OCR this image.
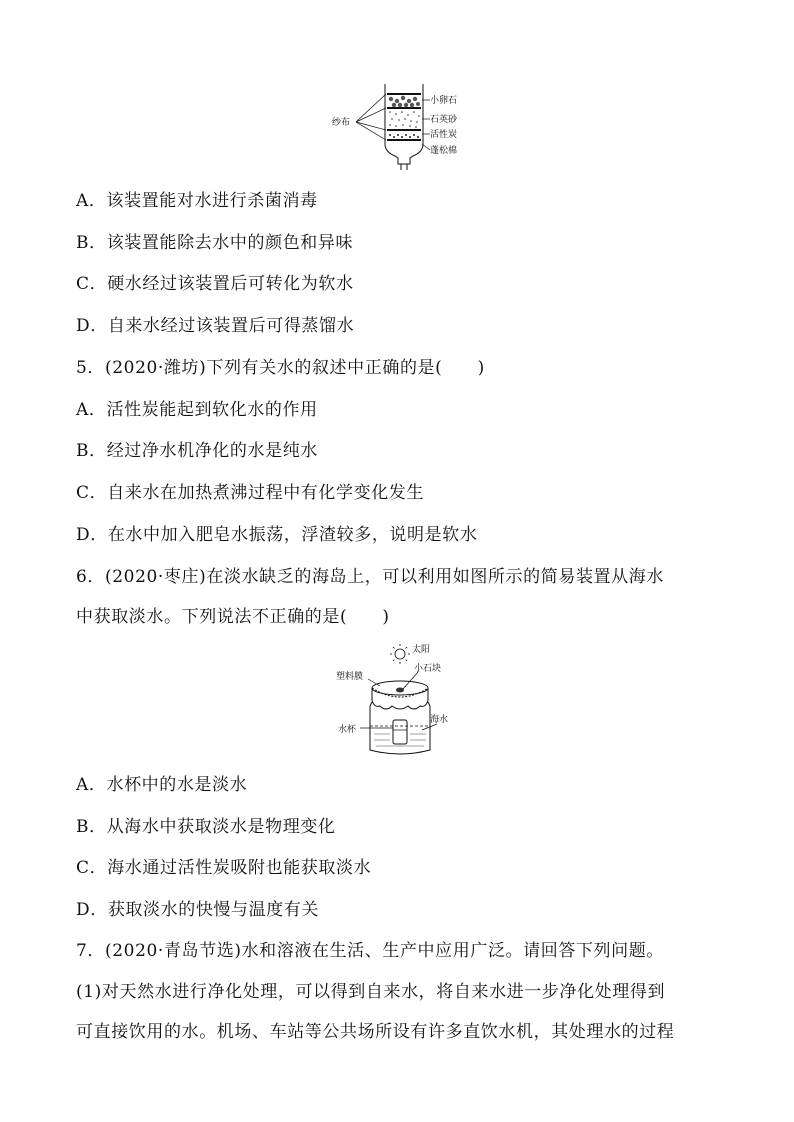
纱布
小卵石
石英砂
活性炭
蓬松棉
A．该装置能对水进行杀菌消毒
B．该装置能除去水中的颜色和异味
C．硬水经过该装置后可转化为软水
D．自来水经过该装置后可得蒸馏水
5．(2020·潍坊)下列有关水的叙述中正确的是(　　)
A．活性炭能起到软化水的作用
B．经过净水机净化的水是纯水
C．自来水在加热煮沸过程中有化学变化发生
D．在水中加入肥皂水振荡，浮渣较多，说明是软水
6．(2020·枣庄)在淡水缺乏的海岛上，可以利用如图所示的简易装置从海水
中获取淡水。下列说法不正确的是(　　)
太阳
小石块
塑料膜
水杯
海水
A．水杯中的水是淡水
B．从海水中获取淡水是物理变化
C．海水通过活性炭吸附也能获取淡水
D．获取淡水的快慢与温度有关
7．(2020·青岛节选)水和溶液在生活、生产中应用广泛。请回答下列问题。
(1)对天然水进行净化处理，可以得到自来水，将自来水进一步净化处理得到
可直接饮用的水。机场、车站等公共场所设有许多直饮水机，其处理水的过程
